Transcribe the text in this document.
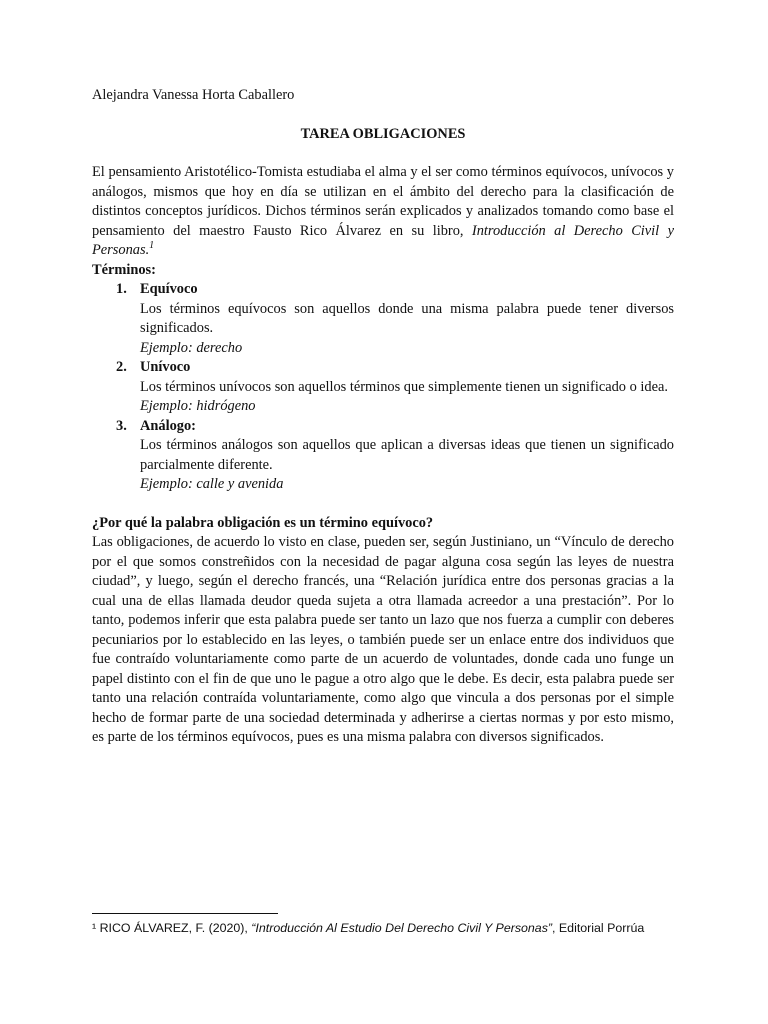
Alejandra Vanessa Horta Caballero

TAREA OBLIGACIONES

El pensamiento Aristotélico-Tomista estudiaba el alma y el ser como términos equívocos, unívocos y análogos, mismos que hoy en día se utilizan en el ámbito del derecho para la clasificación de distintos conceptos jurídicos. Dichos términos serán explicados y analizados tomando como base el pensamiento del maestro Fausto Rico Álvarez en su libro, Introducción al Derecho Civil y Personas.$^1$

Términos:

1. Equívoco

Los términos equívocos son aquellos donde una misma palabra puede tener diversos significados.

Ejemplo: derecho

2. Unívoco

Los términos unívocos son aquellos términos que simplemente tienen un significado o idea.

Ejemplo: hidrógeno

3. Análogo:

Los términos análogos son aquellos que aplican a diversas ideas que tienen un significado parcialmente diferente.

Ejemplo: calle y avenida

¿Por qué la palabra obligación es un término equívoco?

Las obligaciones, de acuerdo lo visto en clase, pueden ser, según Justiniano, un “Vínculo de derecho por el que somos constreñidos con la necesidad de pagar alguna cosa según las leyes de nuestra ciudad”, y luego, según el derecho francés, una “Relación jurídica entre dos personas gracias a la cual una de ellas llamada deudor queda sujeta a otra llamada acreedor a una prestación”. Por lo tanto, podemos inferir que esta palabra puede ser tanto un lazo que nos fuerza a cumplir con deberes pecuniarios por lo establecido en las leyes, o también puede ser un enlace entre dos individuos que fue contraído voluntariamente como parte de un acuerdo de voluntades, donde cada uno funge un papel distinto con el fin de que uno le pague a otro algo que le debe. Es decir, esta palabra puede ser tanto una relación contraída voluntariamente, como algo que vincula a dos personas por el simple hecho de formar parte de una sociedad determinada y adherirse a ciertas normas y por esto mismo, es parte de los términos equívocos, pues es una misma palabra con diversos significados.

¹ RICO ÁLVAREZ, F. (2020), “Introducción Al Estudio Del Derecho Civil Y Personas”, Editorial Porrúa
